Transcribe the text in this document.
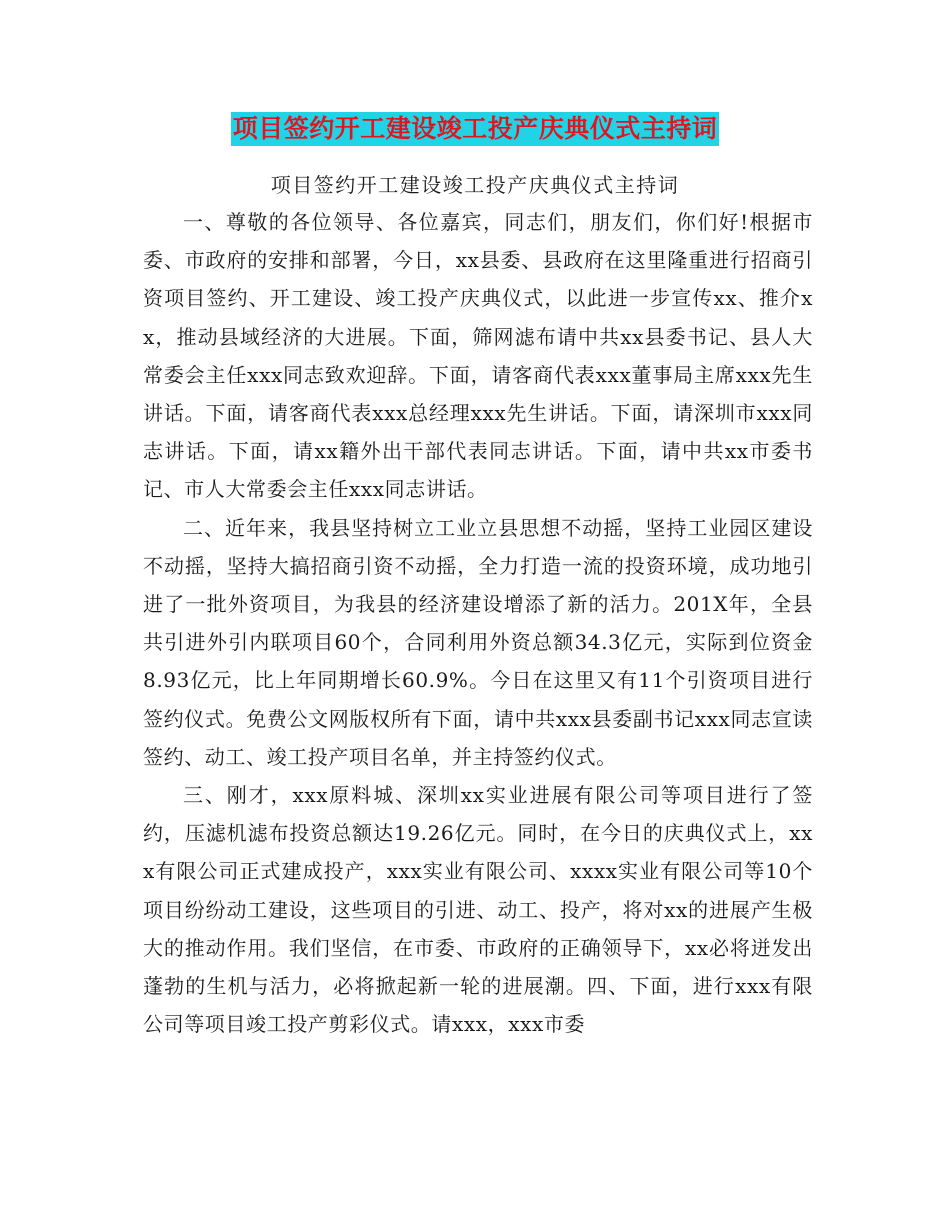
项目签约开工建设竣工投产庆典仪式主持词
项目签约开工建设竣工投产庆典仪式主持词

一、尊敬的各位领导、各位嘉宾，同志们，朋友们，你们好!根据市委、市政府的安排和部署，今日，xx县委、县政府在这里隆重进行招商引资项目签约、开工建设、竣工投产庆典仪式，以此进一步宣传xx、推介xx，推动县域经济的大进展。下面，筛网滤布请中共xx县委书记、县人大常委会主任xxx同志致欢迎辞。下面，请客商代表xxx董事局主席xxx先生讲话。下面，请客商代表xxx总经理xxx先生讲话。下面，请深圳市xxx同志讲话。下面，请xx籍外出干部代表同志讲话。下面，请中共xx市委书记、市人大常委会主任xxx同志讲话。

二、近年来，我县坚持树立工业立县思想不动摇，坚持工业园区建设不动摇，坚持大搞招商引资不动摇，全力打造一流的投资环境，成功地引进了一批外资项目，为我县的经济建设增添了新的活力。201X年，全县共引进外引内联项目60个，合同利用外资总额34.3亿元，实际到位资金8.93亿元，比上年同期增长60.9%。今日在这里又有11个引资项目进行签约仪式。免费公文网版权所有下面，请中共xxx县委副书记xxx同志宣读签约、动工、竣工投产项目名单，并主持签约仪式。

三、刚才，xxx原料城、深圳xx实业进展有限公司等项目进行了签约，压滤机滤布投资总额达19.26亿元。同时，在今日的庆典仪式上，xxx有限公司正式建成投产，xxx实业有限公司、xxxx实业有限公司等10个项目纷纷动工建设，这些项目的引进、动工、投产，将对xx的进展产生极大的推动作用。我们坚信，在市委、市政府的正确领导下，xx必将迸发出蓬勃的生机与活力，必将掀起新一轮的进展潮。四、下面，进行xxx有限公司等项目竣工投产剪彩仪式。请xxx，xxx市委
